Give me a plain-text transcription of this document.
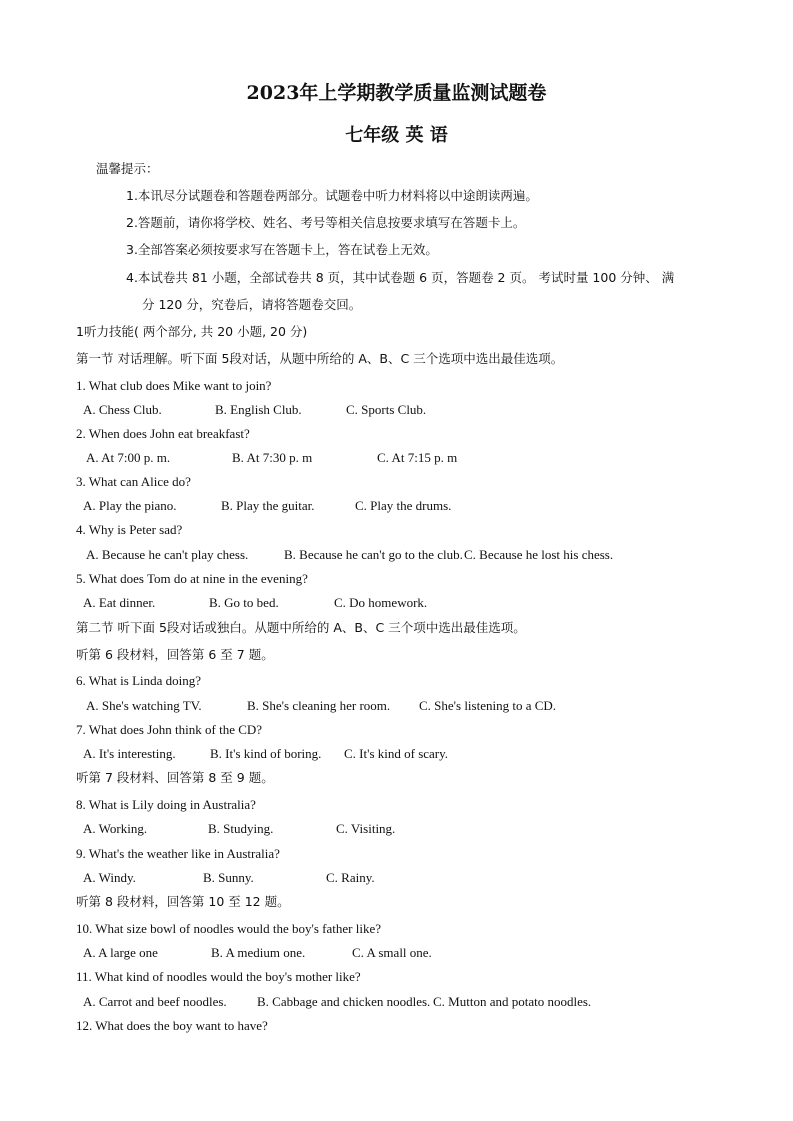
2023年上学期教学质量监测试题卷
七年级 英 语
温馨提示：
1.本讯尽分试题卷和答题卷两部分。试题卷中听力材料将以中途朗读两遍。
2.答题前，请你将学校、姓名、考号等相关信息按要求填写在答题卡上。
3.全部答案必须按要求写在答题卡上，答在试卷上无效。
4.本试卷共 81 小题，全部试卷共 8 页，其中试卷题 6 页，答题卷 2 页。 考试时量 100 分钟、 满
分 120 分，究卷后，请将答题卷交回。
1听力技能( 两个部分, 共 20 小题, 20 分)
第一节 对话理解。听下面 5段对话，从题中所给的 A、B、C 三个选项中选出最佳选项。
1. What club does Mike want to join?
A. Chess Club.	B. English Club.	C. Sports Club.
2. When does John eat breakfast?
A. At 7:00 p. m.	B. At 7:30 p. m	C. At 7:15 p. m
3. What can Alice do?
A. Play the piano.	B. Play the guitar.	C. Play the drums.
4. Why is Peter sad?
A. Because he can't play chess.	B. Because he can't go to the club. C. Because he lost his chess.
5. What does Tom do at nine in the evening?
A. Eat dinner.	B. Go to bed.	C. Do homework.
第二节 听下面 5段对话或独白。从题中所给的 A、B、C 三个项中选出最佳选项。
听第 6 段材料，回答第 6 至 7 题。
6. What is Linda doing?
A. She's watching TV.	B. She's cleaning her room. C. She's listening to a CD.
7. What does John think of the CD?
A. It's interesting.	B. It's kind of boring. C. It's kind of scary.
听第 7 段材料、回答第 8 至 9 题。
8. What is Lily doing in Australia?
A. Working.	B. Studying.	C. Visiting.
9. What's the weather like in Australia?
A. Windy.	B. Sunny.	C. Rainy.
听第 8 段材料，回答第 10 至 12 题。
10. What size bowl of noodles would the boy's father like?
A. A large one	B. A medium one.	C. A small one.
11. What kind of noodles would the boy's mother like?
A. Carrot and beef noodles. B. Cabbage and chicken noodles. C. Mutton and potato noodles.
12. What does the boy want to have?
